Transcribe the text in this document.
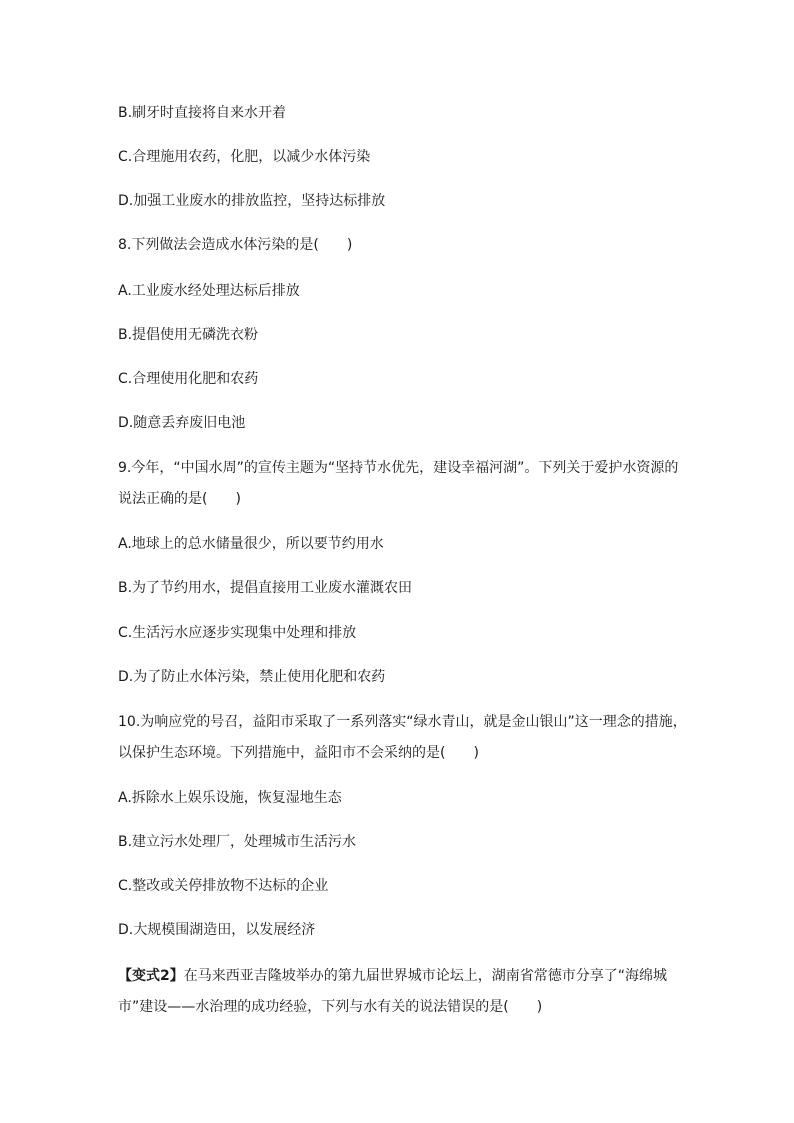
B.刷牙时直接将自来水开着
C.合理施用农药，化肥，以减少水体污染
D.加强工业废水的排放监控，坚持达标排放
8.下列做法会造成水体污染的是(　　)
A.工业废水经处理达标后排放
B.提倡使用无磷洗衣粉
C.合理使用化肥和农药
D.随意丢弃废旧电池
9.今年，“中国水周”的宣传主题为“坚持节水优先，建设幸福河湖”。下列关于爱护水资源的
说法正确的是(　　)
A.地球上的总水储量很少，所以要节约用水
B.为了节约用水，提倡直接用工业废水灌溉农田
C.生活污水应逐步实现集中处理和排放
D.为了防止水体污染，禁止使用化肥和农药
10.为响应党的号召，益阳市采取了一系列落实“绿水青山，就是金山银山”这一理念的措施，
以保护生态环境。下列措施中，益阳市不会采纳的是(　　)
A.拆除水上娱乐设施，恢复湿地生态
B.建立污水处理厂，处理城市生活污水
C.整改或关停排放物不达标的企业
D.大规模围湖造田，以发展经济
【变式2】在马来西亚吉隆坡举办的第九届世界城市论坛上，湖南省常德市分享了“海绵城
市”建设——水治理的成功经验，下列与水有关的说法错误的是(　　)
